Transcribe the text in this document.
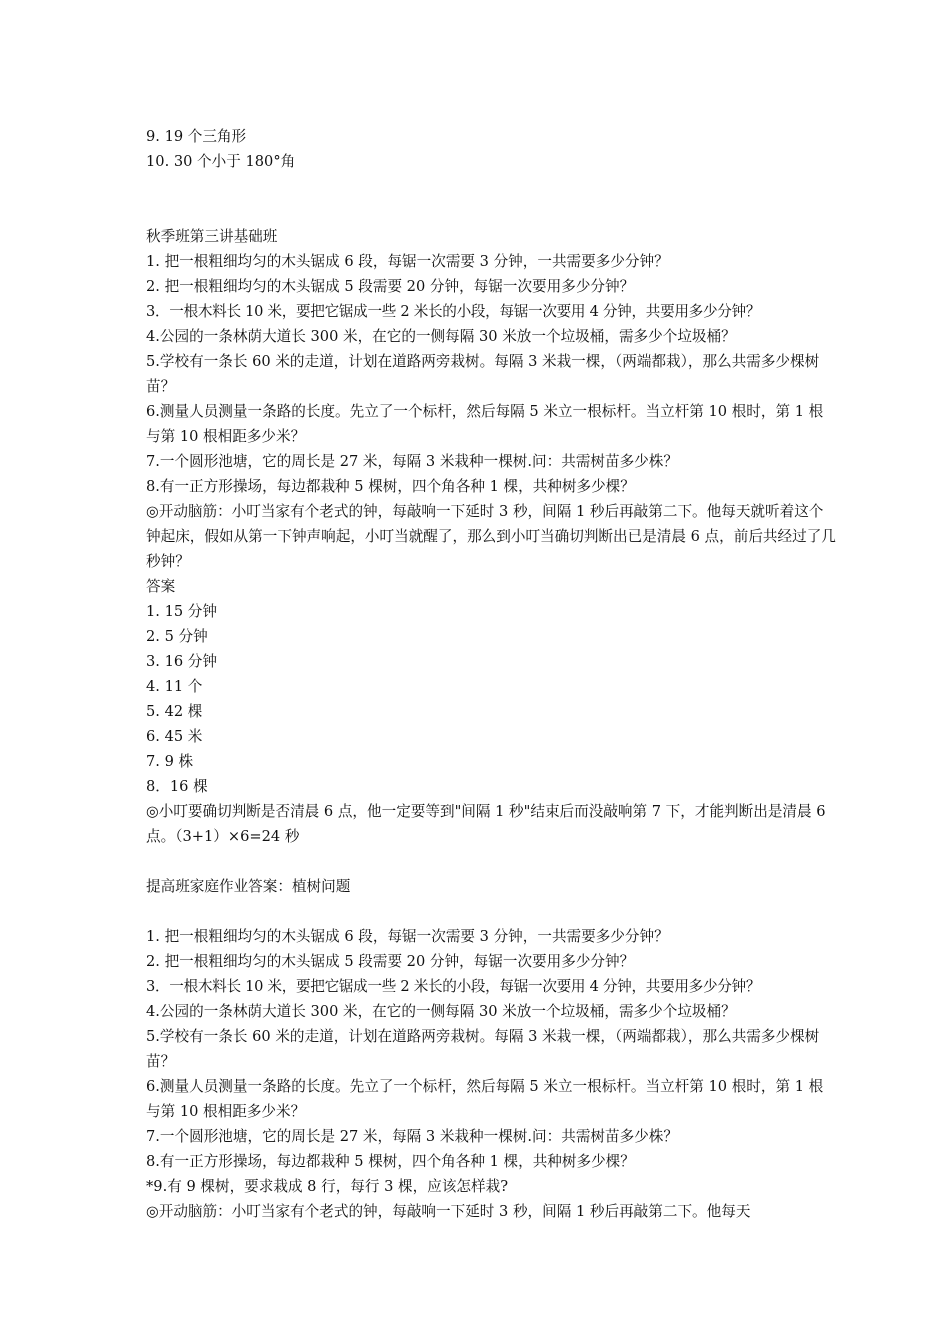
9. 19 个三角形

10. 30 个小于 180°角

秋季班第三讲基础班

1. 把一根粗细均匀的木头锯成 6 段，每锯一次需要 3 分钟，一共需要多少分钟？

2. 把一根粗细均匀的木头锯成 5 段需要 20 分钟，每锯一次要用多少分钟？

3．一根木料长 10 米，要把它锯成一些 2 米长的小段，每锯一次要用 4 分钟，共要用多少分钟？

4.公园的一条林荫大道长 300 米，在它的一侧每隔 30 米放一个垃圾桶，需多少个垃圾桶？

5.学校有一条长 60 米的走道，计划在道路两旁栽树。每隔 3 米栽一棵，（两端都栽），那么共需多少棵树苗？

6.测量人员测量一条路的长度。先立了一个标杆，然后每隔 5 米立一根标杆。当立杆第 10 根时，第 1 根与第 10 根相距多少米？

7.一个圆形池塘，它的周长是 27 米，每隔 3 米栽种一棵树.问：共需树苗多少株？

8.有一正方形操场，每边都栽种 5 棵树，四个角各种 1 棵，共种树多少棵？

◎开动脑筋：小叮当家有个老式的钟，每敲响一下延时 3 秒，间隔 1 秒后再敲第二下。他每天就听着这个钟起床，假如从第一下钟声响起，小叮当就醒了，那么到小叮当确切判断出已是清晨 6 点，前后共经过了几秒钟？

答案

1. 15 分钟

2. 5 分钟

3. 16 分钟

4. 11 个

5. 42 棵

6. 45 米

7. 9 株

8．16 棵

◎小叮要确切判断是否清晨 6 点，他一定要等到"间隔 1 秒"结束后而没敲响第 7 下，才能判断出是清晨 6 点。（3+1）×6=24 秒

提高班家庭作业答案：植树问题

1. 把一根粗细均匀的木头锯成 6 段，每锯一次需要 3 分钟，一共需要多少分钟？

2. 把一根粗细均匀的木头锯成 5 段需要 20 分钟，每锯一次要用多少分钟？

3．一根木料长 10 米，要把它锯成一些 2 米长的小段，每锯一次要用 4 分钟，共要用多少分钟？

4.公园的一条林荫大道长 300 米，在它的一侧每隔 30 米放一个垃圾桶，需多少个垃圾桶？

5.学校有一条长 60 米的走道，计划在道路两旁栽树。每隔 3 米栽一棵，（两端都栽），那么共需多少棵树苗？

6.测量人员测量一条路的长度。先立了一个标杆，然后每隔 5 米立一根标杆。当立杆第 10 根时，第 1 根与第 10 根相距多少米？

7.一个圆形池塘，它的周长是 27 米，每隔 3 米栽种一棵树.问：共需树苗多少株？

8.有一正方形操场，每边都栽种 5 棵树，四个角各种 1 棵，共种树多少棵？

*9.有 9 棵树，要求栽成 8 行，每行 3 棵，应该怎样栽?

◎开动脑筋：小叮当家有个老式的钟，每敲响一下延时 3 秒，间隔 1 秒后再敲第二下。他每天
